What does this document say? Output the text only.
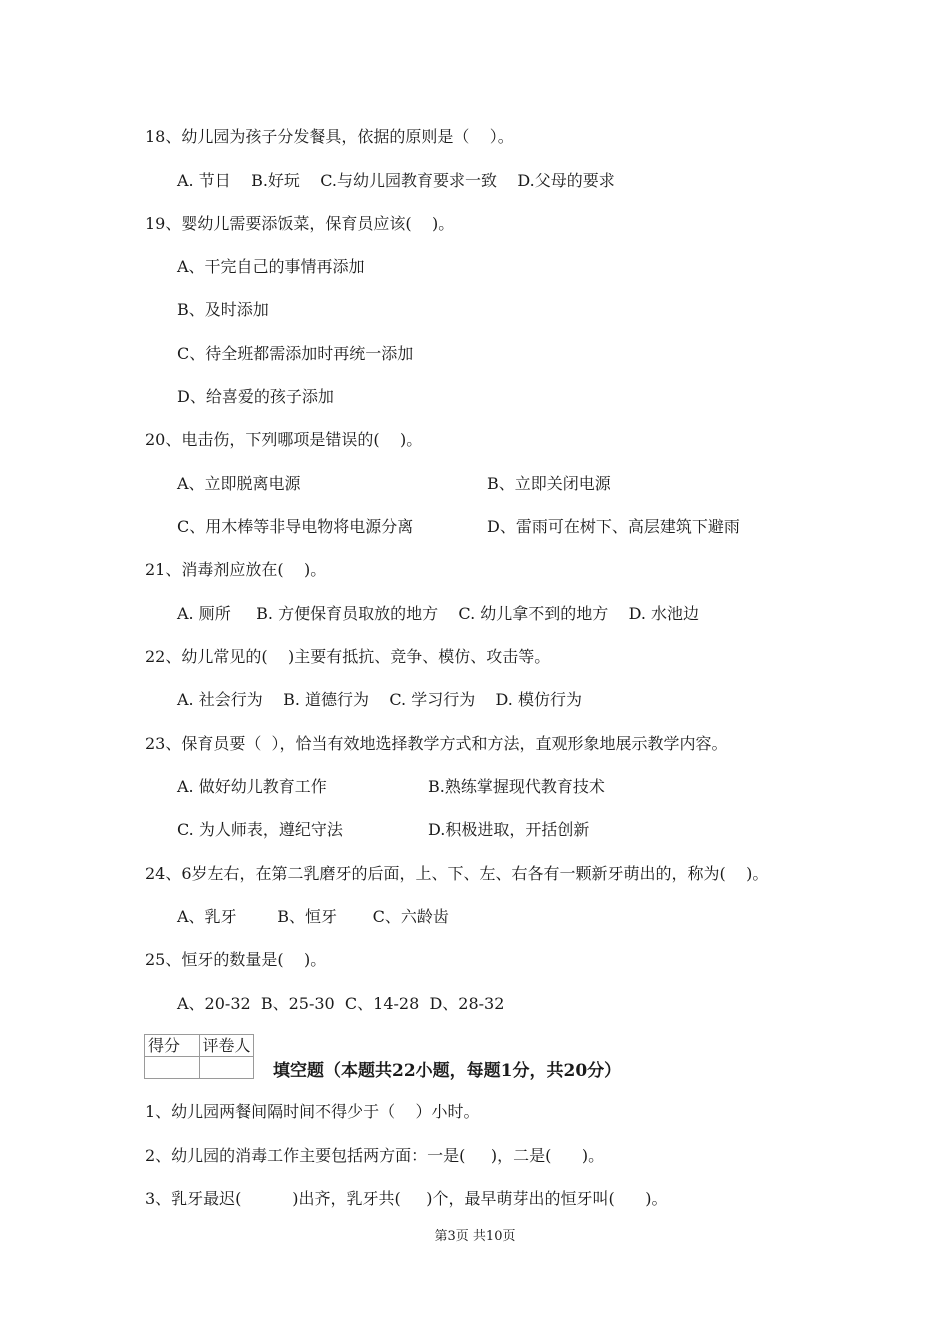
18、幼儿园为孩子分发餐具，依据的原则是（    ）。
A. 节日    B.好玩    C.与幼儿园教育要求一致    D.父母的要求
19、婴幼儿需要添饭菜，保育员应该(    )。
A、干完自己的事情再添加
B、及时添加
C、待全班都需添加时再统一添加
D、给喜爱的孩子添加
20、电击伤，下列哪项是错误的(    )。
A、立即脱离电源	B、立即关闭电源
C、用木棒等非导电物将电源分离	D、雷雨可在树下、高层建筑下避雨
21、消毒剂应放在(    )。
A. 厕所     B. 方便保育员取放的地方    C. 幼儿拿不到的地方    D. 水池边
22、幼儿常见的(    )主要有抵抗、竞争、模仿、攻击等。
A. 社会行为    B. 道德行为    C. 学习行为    D. 模仿行为
23、保育员要（  ），恰当有效地选择教学方式和方法，直观形象地展示教学内容。
A. 做好幼儿教育工作	B.熟练掌握现代教育技术
C. 为人师表，遵纪守法	D.积极进取，开括创新
24、6岁左右，在第二乳磨牙的后面，上、下、左、右各有一颗新牙萌出的，称为(    )。
A、乳牙        B、恒牙       C、六龄齿
25、恒牙的数量是(    )。
A、20-32  B、25-30  C、14-28  D、28-32
得分	评卷人

填空题（本题共22小题，每题1分，共20分）
1、幼儿园两餐间隔时间不得少于（    ）小时。
2、幼儿园的消毒工作主要包括两方面：一是(     )，二是(      )。
3、乳牙最迟(          )出齐，乳牙共(     )个，最早萌芽出的恒牙叫(      )。
第3页 共10页
